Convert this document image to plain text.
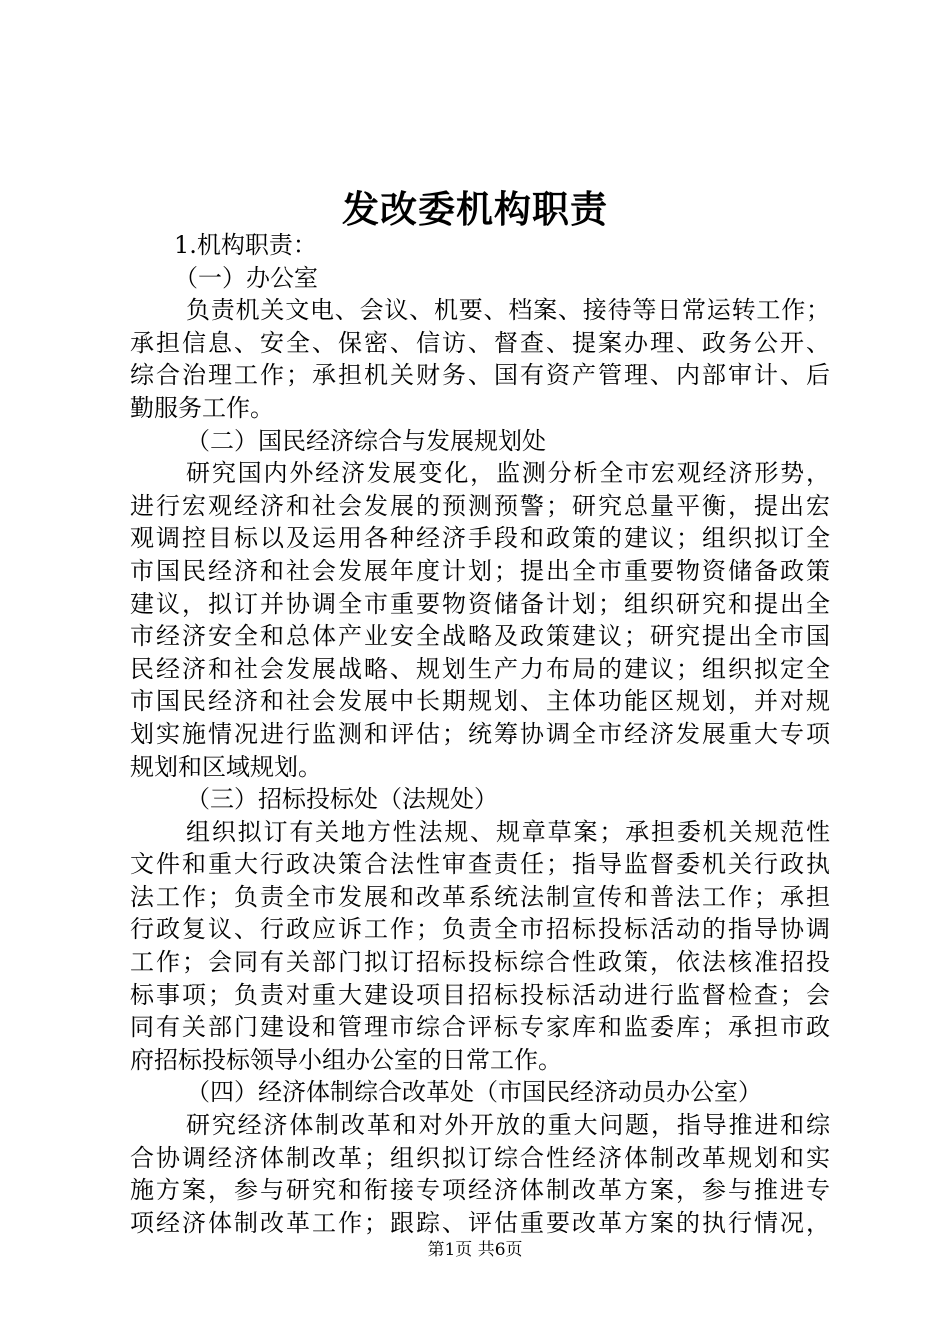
发改委机构职责
1.机构职责：
（一）办公室
负责机关文电、会议、机要、档案、接待等日常运转工作；
承担信息、安全、保密、信访、督查、提案办理、政务公开、
综合治理工作；承担机关财务、国有资产管理、内部审计、后
勤服务工作。
（二）国民经济综合与发展规划处
研究国内外经济发展变化，监测分析全市宏观经济形势，
进行宏观经济和社会发展的预测预警；研究总量平衡，提出宏
观调控目标以及运用各种经济手段和政策的建议；组织拟订全
市国民经济和社会发展年度计划；提出全市重要物资储备政策
建议，拟订并协调全市重要物资储备计划；组织研究和提出全
市经济安全和总体产业安全战略及政策建议；研究提出全市国
民经济和社会发展战略、规划生产力布局的建议；组织拟定全
市国民经济和社会发展中长期规划、主体功能区规划，并对规
划实施情况进行监测和评估；统筹协调全市经济发展重大专项
规划和区域规划。
（三）招标投标处（法规处）
组织拟订有关地方性法规、规章草案；承担委机关规范性
文件和重大行政决策合法性审查责任；指导监督委机关行政执
法工作；负责全市发展和改革系统法制宣传和普法工作；承担
行政复议、行政应诉工作；负责全市招标投标活动的指导协调
工作；会同有关部门拟订招标投标综合性政策，依法核准招投
标事项；负责对重大建设项目招标投标活动进行监督检查；会
同有关部门建设和管理市综合评标专家库和监委库；承担市政
府招标投标领导小组办公室的日常工作。
（四）经济体制综合改革处（市国民经济动员办公室）
研究经济体制改革和对外开放的重大问题，指导推进和综
合协调经济体制改革；组织拟订综合性经济体制改革规划和实
施方案，参与研究和衔接专项经济体制改革方案，参与推进专
项经济体制改革工作；跟踪、评估重要改革方案的执行情况，
第1页 共6页
